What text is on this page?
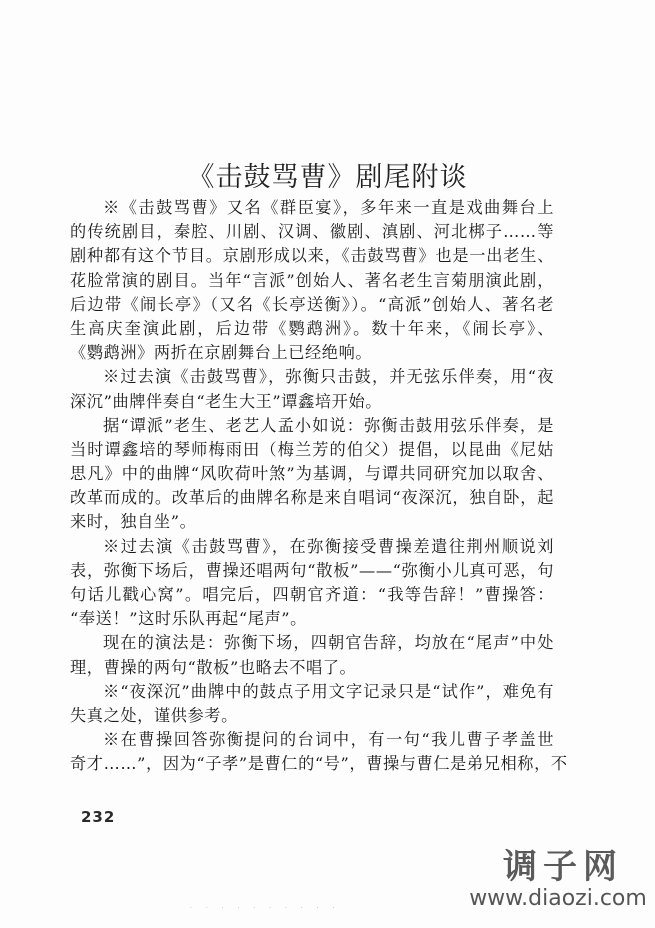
《击鼓骂曹》剧尾附谈
※《击鼓骂曹》又名《群臣宴》，多年来一直是戏曲舞台上
的传统剧目，秦腔、川剧、汉调、徽剧、滇剧、河北梆子……等
剧种都有这个节目。京剧形成以来，《击鼓骂曹》也是一出老生、
花脸常演的剧目。当年“言派”创始人、著名老生言菊朋演此剧，
后边带《闹长亭》（又名《长亭送衡》）。“高派”创始人、著名老
生高庆奎演此剧，后边带《鹦鹉洲》。数十年来，《闹长亭》、
《鹦鹉洲》两折在京剧舞台上已经绝响。
※过去演《击鼓骂曹》，弥衡只击鼓，并无弦乐伴奏，用“夜
深沉”曲牌伴奏自“老生大王”谭鑫培开始。
据“谭派”老生、老艺人孟小如说：弥衡击鼓用弦乐伴奏，是
当时谭鑫培的琴师梅雨田（梅兰芳的伯父）提倡，以昆曲《尼姑
思凡》中的曲牌“风吹荷叶煞”为基调，与谭共同研究加以取舍、
改革而成的。改革后的曲牌名称是来自唱词“夜深沉，独自卧，起
来时，独自坐”。
※过去演《击鼓骂曹》，在弥衡接受曹操差遣往荆州顺说刘
表，弥衡下场后，曹操还唱两句“散板”——“弥衡小儿真可恶，句
句话儿戳心窝”。唱完后，四朝官齐道：“我等告辞！”曹操答：
“奉送！”这时乐队再起“尾声”。
现在的演法是：弥衡下场，四朝官告辞，均放在“尾声”中处
理，曹操的两句“散板”也略去不唱了。
※“夜深沉”曲牌中的鼓点子用文字记录只是“试作”，难免有
失真之处，谨供参考。
※在曹操回答弥衡提问的台词中，有一句“我儿曹子孝盖世
奇才……”，因为“子孝”是曹仁的“号”，曹操与曹仁是弟兄相称，不
232
· · · · · · · · · ·
调子网
www.diaozi.com
